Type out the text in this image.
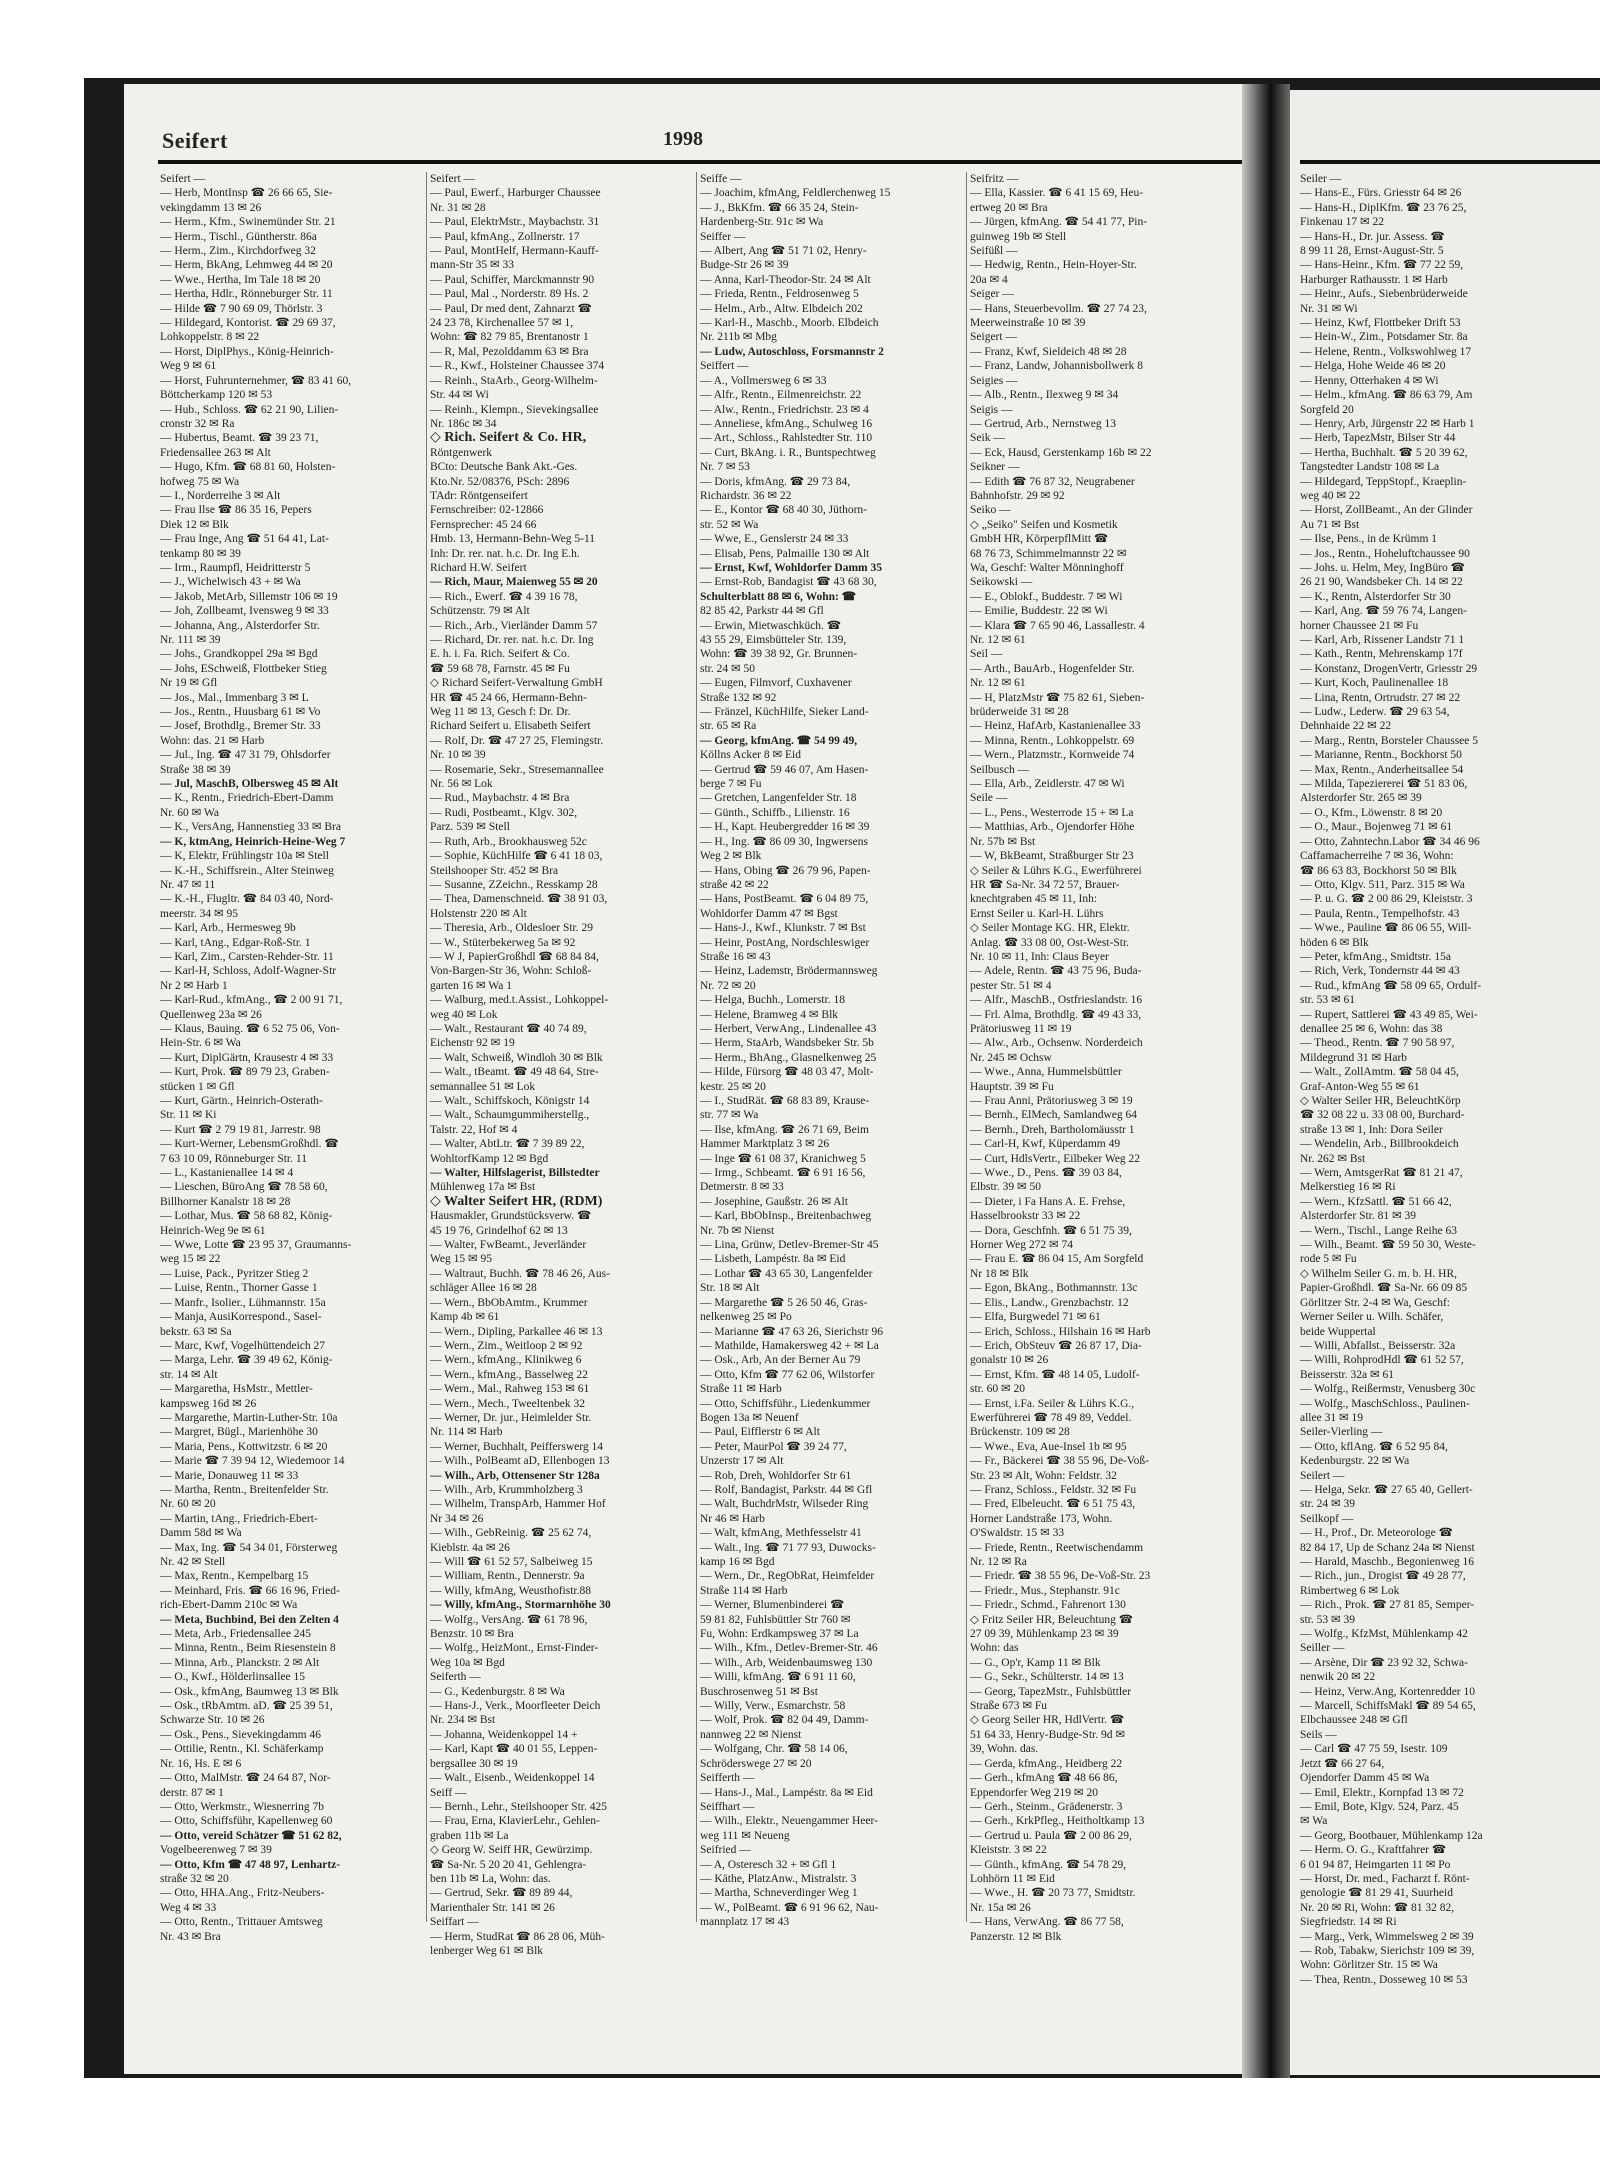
Seifert	1998
Seifert —
— Herb, MontInsp ☎ 26 66 65, Sie-
vekingdamm 13 ✉ 26
— Herm., Kfm., Swinemünder Str. 21
— Herm., Tischl., Güntherstr. 86a
— Herm., Zim., Kirchdorfweg 32
— Herm, BkAng, Lehmweg 44 ✉ 20
— Wwe., Hertha, Im Tale 18 ✉ 20
— Hertha, Hdlr., Rönneburger Str. 11
— Hilde ☎ 7 90 69 09, Thörlstr. 3
— Hildegard, Kontorist. ☎ 29 69 37,
Lohkoppelstr. 8 ✉ 22
— Horst, DiplPhys., König-Heinrich-
Weg 9 ✉ 61
— Horst, Fuhrunternehmer, ☎ 83 41 60,
Böttcherkamp 120 ✉ 53
— Hub., Schloss. ☎ 62 21 90, Lilien-
cronstr 32 ✉ Ra
— Hubertus, Beamt. ☎ 39 23 71,
Friedensallee 263 ✉ Alt
— Hugo, Kfm. ☎ 68 81 60, Holsten-
hofweg 75 ✉ Wa
— I., Norderreihe 3 ✉ Alt
— Frau Ilse ☎ 86 35 16, Pepers
Diek 12 ✉ Blk
— Frau Inge, Ang ☎ 51 64 41, Lat-
tenkamp 80 ✉ 39
— Irm., Raumpfl, Heidritterstr 5
— J., Wichelwisch 43 + ✉ Wa
— Jakob, MetArb, Sillemstr 106 ✉ 19
— Joh, Zollbeamt, Ivensweg 9 ✉ 33
— Johanna, Ang., Alsterdorfer Str.
Nr. 111 ✉ 39
— Johs., Grandkoppel 29a ✉ Bgd
— Johs, ESchweiß, Flottbeker Stieg
Nr 19 ✉ Gfl
— Jos., Mal., Immenbarg 3 ✉ L
— Jos., Rentn., Huusbarg 61 ✉ Vo
— Josef, Brothdlg., Bremer Str. 33
Wohn: das. 21 ✉ Harb
— Jul., Ing. ☎ 47 31 79, Ohlsdorfer
Straße 38 ✉ 39
— Jul, MaschB, Olbersweg 45 ✉ Alt
— K., Rentn., Friedrich-Ebert-Damm
Nr. 60 ✉ Wa
— K., VersAng, Hannenstieg 33 ✉ Bra
— K, ktmAng, Heinrich-Heine-Weg 7
— K, Elektr, Frühlingstr 10a ✉ Stell
— K.-H., Schiffsrein., Alter Steinweg
Nr. 47 ✉ 11
— K.-H., Flugltr. ☎ 84 03 40, Nord-
meerstr. 34 ✉ 95
— Karl, Arb., Hermesweg 9b
— Karl, tAng., Edgar-Roß-Str. 1
— Karl, Zim., Carsten-Rehder-Str. 11
— Karl-H, Schloss, Adolf-Wagner-Str
Nr 2 ✉ Harb 1
— Karl-Rud., kfmAng., ☎ 2 00 91 71,
Quellenweg 23a ✉ 26
— Klaus, Bauing. ☎ 6 52 75 06, Von-
Hein-Str. 6 ✉ Wa
— Kurt, DiplGärtn, Krausestr 4 ✉ 33
— Kurt, Prok. ☎ 89 79 23, Graben-
stücken 1 ✉ Gfl
— Kurt, Gärtn., Heinrich-Osterath-
Str. 11 ✉ Ki
— Kurt ☎ 2 79 19 81, Jarrestr. 98
— Kurt-Werner, LebensmGroßhdl. ☎
7 63 10 09, Rönneburger Str. 11
— L., Kastanienallee 14 ✉ 4
— Lieschen, BüroAng ☎ 78 58 60,
Billhorner Kanalstr 18 ✉ 28
— Lothar, Mus. ☎ 58 68 82, König-
Heinrich-Weg 9e ✉ 61
— Wwe, Lotte ☎ 23 95 37, Graumanns-
weg 15 ✉ 22
— Luise, Pack., Pyritzer Stieg 2
— Luise, Rentn., Thorner Gasse 1
— Manfr., Isolier., Lühmannstr. 15a
— Manja, AusiKorrespond., Sasel-
bekstr. 63 ✉ Sa
— Marc, Kwf, Vogelhüttendeich 27
— Marga, Lehr. ☎ 39 49 62, König-
str. 14 ✉ Alt
— Margaretha, HsMstr., Mettler-
kampsweg 16d ✉ 26
— Margarethe, Martin-Luther-Str. 10a
— Margret, Bügl., Marienhöhe 30
— Maria, Pens., Kottwitzstr. 6 ✉ 20
— Marie ☎ 7 39 94 12, Wiedemoor 14
— Marie, Donauweg 11 ✉ 33
— Martha, Rentn., Breitenfelder Str.
Nr. 60 ✉ 20
— Martin, tAng., Friedrich-Ebert-
Damm 58d ✉ Wa
— Max, Ing. ☎ 54 34 01, Försterweg
Nr. 42 ✉ Stell
— Max, Rentn., Kempelbarg 15
— Meinhard, Fris. ☎ 66 16 96, Fried-
rich-Ebert-Damm 210c ✉ Wa
— Meta, Buchbind, Bei den Zelten 4
— Meta, Arb., Friedensallee 245
— Minna, Rentn., Beim Riesenstein 8
— Minna, Arb., Planckstr. 2 ✉ Alt
— O., Kwf., Hölderlinsallee 15
— Osk., kfmAng, Baumweg 13 ✉ Blk
— Osk., tRbAmtm. aD. ☎ 25 39 51,
Schwarze Str. 10 ✉ 26
— Osk., Pens., Sievekingdamm 46
— Ottilie, Rentn., Kl. Schäferkamp
Nr. 16, Hs. E ✉ 6
— Otto, MalMstr. ☎ 24 64 87, Nor-
derstr. 87 ✉ 1
— Otto, Werkmstr., Wiesnerring 7b
— Otto, Schiffsführ, Kapellenweg 60
— Otto, vereid Schätzer ☎ 51 62 82,
Vogelbeerenweg 7 ✉ 39
— Otto, Kfm ☎ 47 48 97, Lenhartz-
straße 32 ✉ 20
— Otto, HHA.Ang., Fritz-Neubers-
Weg 4 ✉ 33
— Otto, Rentn., Trittauer Amtsweg
Nr. 43 ✉ Bra
Seifert —
— Paul, Ewerf., Harburger Chaussee
Nr. 31 ✉ 28
— Paul, ElektrMstr., Maybachstr. 31
— Paul, kfmAng., Zollnerstr. 17
— Paul, MontHelf, Hermann-Kauff-
mann-Str 35 ✉ 33
— Paul, Schiffer, Marckmannstr 90
— Paul, Mal ., Norderstr. 89 Hs. 2
— Paul, Dr med dent, Zahnarzt ☎
24 23 78, Kirchenallee 57 ✉ 1,
Wohn: ☎ 82 79 85, Brentanostr 1
— R, Mal, Pezolddamm 63 ✉ Bra
— R., Kwf., Holsteiner Chaussee 374
— Reinh., StaArb., Georg-Wilhelm-
Str. 44 ✉ Wi
— Reinh., Klempn., Sievekingsallee
Nr. 186c ✉ 34
◇ Rich. Seifert & Co. HR,
Röntgenwerk
BCto: Deutsche Bank Akt.-Ges.
Kto.Nr. 52/08376, PSch: 2896
TAdr: Röntgenseifert
Fernschreiber: 02-12866
Fernsprecher: 45 24 66
Hmb. 13, Hermann-Behn-Weg 5-11
Inh: Dr. rer. nat. h.c. Dr. Ing E.h.
Richard H.W. Seifert
— Rich, Maur, Maienweg 55 ✉ 20
— Rich., Ewerf. ☎ 4 39 16 78,
Schützenstr. 79 ✉ Alt
— Rich., Arb., Vierländer Damm 57
— Richard, Dr. rer. nat. h.c. Dr. Ing
E. h. i. Fa. Rich. Seifert & Co.
☎ 59 68 78, Farnstr. 45 ✉ Fu
◇ Richard Seifert-Verwaltung GmbH
HR ☎ 45 24 66, Hermann-Behn-
Weg 11 ✉ 13, Gesch f: Dr. Dr.
Richard Seifert u. Elisabeth Seifert
— Rolf, Dr. ☎ 47 27 25, Flemingstr.
Nr. 10 ✉ 39
— Rosemarie, Sekr., Stresemannallee
Nr. 56 ✉ Lok
— Rud., Maybachstr. 4 ✉ Bra
— Rudi, Postbeamt., Klgv. 302,
Parz. 539 ✉ Stell
— Ruth, Arb., Brookhausweg 52c
— Sophie, KüchHilfe ☎ 6 41 18 03,
Steilshooper Str. 452 ✉ Bra
— Susanne, ZZeichn., Resskamp 28
— Thea, Damenschneid. ☎ 38 91 03,
Holstenstr 220 ✉ Alt
— Theresia, Arb., Oldesloer Str. 29
— W., Stüterbekerweg 5a ✉ 92
— W J, PapierGroßhdl ☎ 68 84 84,
Von-Bargen-Str 36, Wohn: Schloß-
garten 16 ✉ Wa 1
— Walburg, med.t.Assist., Lohkoppel-
weg 40 ✉ Lok
— Walt., Restaurant ☎ 40 74 89,
Eichenstr 92 ✉ 19
— Walt, Schweiß, Windloh 30 ✉ Blk
— Walt., tBeamt. ☎ 49 48 64, Stre-
semannallee 51 ✉ Lok
— Walt., Schiffskoch, Königstr 14
— Walt., Schaumgummiherstellg.,
Talstr. 22, Hof ✉ 4
— Walter, AbtLtr. ☎ 7 39 89 22,
WohltorfKamp 12 ✉ Bgd
— Walter, Hilfslagerist, Billstedter
Mühlenweg 17a ✉ Bst
◇ Walter Seifert HR, (RDM)
Hausmakler, Grundstücksverw. ☎
45 19 76, Grindelhof 62 ✉ 13
— Walter, FwBeamt., Jeverländer
Weg 15 ✉ 95
— Waltraut, Buchh. ☎ 78 46 26, Aus-
schläger Allee 16 ✉ 28
— Wern., BbObAmtm., Krummer
Kamp 4b ✉ 61
— Wern., Dipling, Parkallee 46 ✉ 13
— Wern., Zim., Weitloop 2 ✉ 92
— Wern., kfmAng., Klinikweg 6
— Wern., kfmAng., Basselweg 22
— Wern., Mal., Rahweg 153 ✉ 61
— Wern., Mech., Tweeltenbek 32
— Werner, Dr. jur., Heimlelder Str.
Nr. 114 ✉ Harb
— Werner, Buchhalt, Peifferswerg 14
— Wilh., PolBeamt aD, Ellenbogen 13
— Wilh., Arb, Ottensener Str 128a
— Wilh., Arb, Krummholzberg 3
— Wilhelm, TranspArb, Hammer Hof
Nr 34 ✉ 26
— Wilh., GebReinig. ☎ 25 62 74,
Kieblstr. 4a ✉ 26
— Will ☎ 61 52 57, Salbeiweg 15
— William, Rentn., Dennerstr. 9a
— Willy, kfmAng, Weusthofistr.88
— Willy, kfmAng., Stormarnhöhe 30
— Wolfg., VersAng. ☎ 61 78 96,
Benzstr. 10 ✉ Bra
— Wolfg., HeizMont., Ernst-Finder-
Weg 10a ✉ Bgd
Seiferth —
— G., Kedenburgstr. 8 ✉ Wa
— Hans-J., Verk., Moorfleeter Deich
Nr. 234 ✉ Bst
— Johanna, Weidenkoppel 14 +
— Karl, Kapt ☎ 40 01 55, Leppen-
bergsallee 30 ✉ 19
— Walt., Eisenb., Weidenkoppel 14
Seiff —
— Bernh., Lehr., Steilshooper Str. 425
— Frau, Erna, KlavierLehr., Gehlen-
graben 11b ✉ La
◇ Georg W. Seiff HR, Gewürzimp.
☎ Sa-Nr. 5 20 20 41, Gehlengra-
ben 11b ✉ La, Wohn: das.
— Gertrud, Sekr. ☎ 89 89 44,
Marienthaler Str. 141 ✉ 26
Seiffart —
— Herm, StudRat ☎ 86 28 06, Müh-
lenberger Weg 61 ✉ Blk
Seiffe —
— Joachim, kfmAng, Feldlerchenweg 15
— J., BkKfm. ☎ 66 35 24, Stein-
Hardenberg-Str. 91c ✉ Wa
Seiffer —
— Albert, Ang ☎ 51 71 02, Henry-
Budge-Str 26 ✉ 39
— Anna, Karl-Theodor-Str. 24 ✉ Alt
— Frieda, Rentn., Feldrosenweg 5
— Helm., Arb., Altw. Elbdeich 202
— Karl-H., Maschb., Moorb. Elbdeich
Nr. 211b ✉ Mbg
— Ludw, Autoschloss, Forsmannstr 2
Seiffert —
— A., Vollmersweg 6 ✉ 33
— Alfr., Rentn., Eilmenreichstr. 22
— Alw., Rentn., Friedrichstr. 23 ✉ 4
— Anneliese, kfmAng., Schulweg 16
— Art., Schloss., Rahlstedter Str. 110
— Curt, BkAng. i. R., Buntspechtweg
Nr. 7 ✉ 53
— Doris, kfmAng. ☎ 29 73 84,
Richardstr. 36 ✉ 22
— E., Kontor ☎ 68 40 30, Jüthorn-
str. 52 ✉ Wa
— Wwe, E., Genslerstr 24 ✉ 33
— Elisab, Pens, Palmaille 130 ✉ Alt
— Ernst, Kwf, Wohldorfer Damm 35
— Ernst-Rob, Bandagist ☎ 43 68 30,
Schulterblatt 88 ✉ 6, Wohn: ☎
82 85 42, Parkstr 44 ✉ Gfl
— Erwin, Mietwaschküch. ☎
43 55 29, Eimsbütteler Str. 139,
Wohn: ☎ 39 38 92, Gr. Brunnen-
str. 24 ✉ 50
— Eugen, Filmvorf, Cuxhavener
Straße 132 ✉ 92
— Fränzel, KüchHilfe, Sieker Land-
str. 65 ✉ Ra
— Georg, kfmAng. ☎ 54 99 49,
Köllns Acker 8 ✉ Eid
— Gertrud ☎ 59 46 07, Am Hasen-
berge 7 ✉ Fu
— Gretchen, Langenfelder Str. 18
— Günth., Schiffb., Lilienstr. 16
— H., Kapt. Heubergredder 16 ✉ 39
— H., Ing. ☎ 86 09 30, Ingwersens
Weg 2 ✉ Blk
— Hans, Obing ☎ 26 79 96, Papen-
straße 42 ✉ 22
— Hans, PostBeamt. ☎ 6 04 89 75,
Wohldorfer Damm 47 ✉ Bgst
— Hans-J., Kwf., Klunkstr. 7 ✉ Bst
— Heinr, PostAng, Nordschleswiger
Straße 16 ✉ 43
— Heinz, Lademstr, Brödermannsweg
Nr. 72 ✉ 20
— Helga, Buchh., Lomerstr. 18
— Helene, Bramweg 4 ✉ Blk
— Herbert, VerwAng., Lindenallee 43
— Herm, StaArb, Wandsbeker Str. 5b
— Herm., BhAng., Glasnelkenweg 25
— Hilde, Fürsorg ☎ 48 03 47, Molt-
kestr. 25 ✉ 20
— I., StudRät. ☎ 68 83 89, Krause-
str. 77 ✉ Wa
— Ilse, kfmAng. ☎ 26 71 69, Beim
Hammer Marktplatz 3 ✉ 26
— Inge ☎ 61 08 37, Kranichweg 5
— Irmg., Schbeamt. ☎ 6 91 16 56,
Detmerstr. 8 ✉ 33
— Josephine, Gaußstr. 26 ✉ Alt
— Karl, BbObInsp., Breitenbachweg
Nr. 7b ✉ Nienst
— Lina, Grünw, Detlev-Bremer-Str 45
— Lisbeth, Lampéstr. 8a ✉ Eid
— Lothar ☎ 43 65 30, Langenfelder
Str. 18 ✉ Alt
— Margarethe ☎ 5 26 50 46, Gras-
nelkenweg 25 ✉ Po
— Marianne ☎ 47 63 26, Sierichstr 96
— Mathilde, Hamakersweg 42 + ✉ La
— Osk., Arb, An der Berner Au 79
— Otto, Kfm ☎ 77 62 06, Wilstorfer
Straße 11 ✉ Harb
— Otto, Schiffsführ., Liedenkummer
Bogen 13a ✉ Neuenf
— Paul, Eifflerstr 6 ✉ Alt
— Peter, MaurPol ☎ 39 24 77,
Unzerstr 17 ✉ Alt
— Rob, Dreh, Wohldorfer Str 61
— Rolf, Bandagist, Parkstr. 44 ✉ Gfl
— Walt, BuchdrMstr, Wilseder Ring
Nr 46 ✉ Harb
— Walt, kfmAng, Methfesselstr 41
— Walt., Ing. ☎ 71 77 93, Duwocks-
kamp 16 ✉ Bgd
— Wern., Dr., RegObRat, Heimfelder
Straße 114 ✉ Harb
— Werner, Blumenbinderei ☎
59 81 82, Fuhlsbüttler Str 760 ✉
Fu, Wohn: Erdkampsweg 37 ✉ La
— Wilh., Kfm., Detlev-Bremer-Str. 46
— Wilh., Arb, Weidenbaumsweg 130
— Willi, kfmAng. ☎ 6 91 11 60,
Buschrosenweg 51 ✉ Bst
— Willy, Verw., Esmarchstr. 58
— Wolf, Prok. ☎ 82 04 49, Damm-
nannweg 22 ✉ Nienst
— Wolfgang, Chr. ☎ 58 14 06,
Schröderswege 27 ✉ 20
Seifferth —
— Hans-J., Mal., Lampéstr. 8a ✉ Eid
Seiffhart —
— Wilh., Elektr., Neuengammer Heer-
weg 111 ✉ Neueng
Seifried —
— A, Osteresch 32 + ✉ Gfl 1
— Käthe, PlatzAnw., Mistralstr. 3
— Martha, Schneverdinger Weg 1
— W., PolBeamt. ☎ 6 91 96 62, Nau-
mannplatz 17 ✉ 43
Seifritz —
— Ella, Kassier. ☎ 6 41 15 69, Heu-
ertweg 20 ✉ Bra
— Jürgen, kfmAng. ☎ 54 41 77, Pin-
guinweg 19b ✉ Stell
Seifüßl —
— Hedwig, Rentn., Hein-Hoyer-Str.
20a ✉ 4
Seiger —
— Hans, Steuerbevollm. ☎ 27 74 23,
Meerweinstraße 10 ✉ 39
Seigert —
— Franz, Kwf, Sieldeich 48 ✉ 28
— Franz, Landw, Johannisbollwerk 8
Seigies —
— Alb., Rentn., Ilexweg 9 ✉ 34
Seigis —
— Gertrud, Arb., Nernstweg 13
Seik —
— Eck, Hausd, Gerstenkamp 16b ✉ 22
Seikner —
— Edith ☎ 76 87 32, Neugrabener
Bahnhofstr. 29 ✉ 92
Seiko —
◇ „Seiko" Seifen und Kosmetik
GmbH HR, KörperpflMitt ☎
68 76 73, Schimmelmannstr 22 ✉
Wa, Geschf: Walter Mönninghoff
Seikowski —
— E., Oblokf., Buddestr. 7 ✉ Wi
— Emilie, Buddestr. 22 ✉ Wi
— Klara ☎ 7 65 90 46, Lassallestr. 4
Nr. 12 ✉ 61
Seil —
— Arth., BauArb., Hogenfelder Str.
Nr. 12 ✉ 61
— H, PlatzMstr ☎ 75 82 61, Sieben-
brüderweide 31 ✉ 28
— Heinz, HafArb, Kastanienallee 33
— Minna, Rentn., Lohkoppelstr. 69
— Wern., Platzmstr., Kornweide 74
Seilbusch —
— Ella, Arb., Zeidlerstr. 47 ✉ Wi
Seile —
— L., Pens., Westerrode 15 + ✉ La
— Matthias, Arb., Ojendorfer Höhe
Nr. 57b ✉ Bst
— W, BkBeamt, Straßburger Str 23
◇ Seiler & Lührs K.G., Ewerführerei
HR ☎ Sa-Nr. 34 72 57, Brauer-
knechtgraben 45 ✉ 11, Inh:
Ernst Seiler u. Karl-H. Lührs
◇ Seiler Montage KG. HR, Elektr.
Anlag. ☎ 33 08 00, Ost-West-Str.
Nr. 10 ✉ 11, Inh: Claus Beyer
— Adele, Rentn. ☎ 43 75 96, Buda-
pester Str. 51 ✉ 4
— Alfr., MaschB., Ostfrieslandstr. 16
— Frl. Alma, Brothdlg. ☎ 49 43 33,
Prätoriusweg 11 ✉ 19
— Alw., Arb., Ochsenw. Norderdeich
Nr. 245 ✉ Ochsw
— Wwe., Anna, Hummelsbüttler
Hauptstr. 39 ✉ Fu
— Frau Anni, Prätoriusweg 3 ✉ 19
— Bernh., ElMech, Samlandweg 64
— Bernh., Dreh, Bartholomäusstr 1
— Carl-H, Kwf, Küperdamm 49
— Curt, HdlsVertr., Eilbeker Weg 22
— Wwe., D., Pens. ☎ 39 03 84,
Elbstr. 39 ✉ 50
— Dieter, i Fa Hans A. E. Frehse,
Hasselbrookstr 33 ✉ 22
— Dora, Geschfnh. ☎ 6 51 75 39,
Horner Weg 272 ✉ 74
— Frau E. ☎ 86 04 15, Am Sorgfeld
Nr 18 ✉ Blk
— Egon, BkAng., Bothmannstr. 13c
— Elis., Landw., Grenzbachstr. 12
— Elfa, Burgwedel 71 ✉ 61
— Erich, Schloss., Hilshain 16 ✉ Harb
— Erich, ObSteuv ☎ 26 87 17, Dia-
gonalstr 10 ✉ 26
— Ernst, Kfm. ☎ 48 14 05, Ludolf-
str. 60 ✉ 20
— Ernst, i.Fa. Seiler & Lührs K.G.,
Ewerführerei ☎ 78 49 89, Veddel.
Brückenstr. 109 ✉ 28
— Wwe., Eva, Aue-Insel 1b ✉ 95
— Fr., Bäckerei ☎ 38 55 96, De-Voß-
Str. 23 ✉ Alt, Wohn: Feldstr. 32
— Franz, Schloss., Feldstr. 32 ✉ Fu
— Fred, Elbeleucht. ☎ 6 51 75 43,
Horner Landstraße 173, Wohn.
O'Swaldstr. 15 ✉ 33
— Friede, Rentn., Reetwischendamm
Nr. 12 ✉ Ra
— Friedr. ☎ 38 55 96, De-Voß-Str. 23
— Friedr., Mus., Stephanstr. 91c
— Friedr., Schmd., Fahrenort 130
◇ Fritz Seiler HR, Beleuchtung ☎
27 09 39, Mühlenkamp 23 ✉ 39
Wohn: das
— G., Op'r, Kamp 11 ✉ Blk
— G., Sekr., Schülterstr. 14 ✉ 13
— Georg, TapezMstr., Fuhlsbüttler
Straße 673 ✉ Fu
◇ Georg Seiler HR, HdlVertr. ☎
51 64 33, Henry-Budge-Str. 9d ✉
39, Wohn. das.
— Gerda, kfmAng., Heidberg 22
— Gerh., kfmAng ☎ 48 66 86,
Eppendorfer Weg 219 ✉ 20
— Gerh., Steinm., Grädenerstr. 3
— Gerh., KrkPfleg., Heitholtkamp 13
— Gertrud u. Paula ☎ 2 00 86 29,
Kleiststr. 3 ✉ 22
— Günth., kfmAng. ☎ 54 78 29,
Lohhörn 11 ✉ Eid
— Wwe., H. ☎ 20 73 77, Smidtstr.
Nr. 15a ✉ 26
— Hans, VerwAng. ☎ 86 77 58,
Panzerstr. 12 ✉ Blk
Seiler —
— Hans-E., Fürs. Griesstr 64 ✉ 26
— Hans-H., DiplKfm. ☎ 23 76 25,
Finkenau 17 ✉ 22
— Hans-H., Dr. jur. Assess. ☎
8 99 11 28, Ernst-August-Str. 5
— Hans-Heinr., Kfm. ☎ 77 22 59,
Harburger Rathausstr. 1 ✉ Harb
— Heinr., Aufs., Siebenbrüderweide
Nr. 31 ✉ Wi
— Heinz, Kwf, Flottbeker Drift 53
— Hein-W., Zim., Potsdamer Str. 8a
— Helene, Rentn., Volkswohlweg 17
— Helga, Hohe Weide 46 ✉ 20
— Henny, Otterhaken 4 ✉ Wi
— Helm., kfmAng. ☎ 86 63 79, Am
Sorgfeld 20
— Henry, Arb, Jürgenstr 22 ✉ Harb 1
— Herb, TapezMstr, Bilser Str 44
— Hertha, Buchhalt. ☎ 5 20 39 62,
Tangstedter Landstr 108 ✉ La
— Hildegard, TeppStopf., Kraeplin-
weg 40 ✉ 22
— Horst, ZollBeamt., An der Glinder
Au 71 ✉ Bst
— Ilse, Pens., in de Krümm 1
— Jos., Rentn., Hoheluftchaussee 90
— Johs. u. Helm, Mey, IngBüro ☎
26 21 90, Wandsbeker Ch. 14 ✉ 22
— K., Rentn, Alsterdorfer Str 30
— Karl, Ang. ☎ 59 76 74, Langen-
horner Chaussee 21 ✉ Fu
— Karl, Arb, Rissener Landstr 71 1
— Kath., Rentn, Mehrenskamp 17f
— Konstanz, DrogenVertr, Griesstr 29
— Kurt, Koch, Paulinenallee 18
— Lina, Rentn, Ortrudstr. 27 ✉ 22
— Ludw., Lederw. ☎ 29 63 54,
Dehnhaide 22 ✉ 22
— Marg., Rentn, Borsteler Chaussee 5
— Marianne, Rentn., Bockhorst 50
— Max, Rentn., Anderheitsallee 54
— Milda, Tapeziererei ☎ 51 83 06,
Alsterdorfer Str. 265 ✉ 39
— O., Kfm., Löwenstr. 8 ✉ 20
— O., Maur., Bojenweg 71 ✉ 61
— Otto, Zahntechn.Labor ☎ 34 46 96
Caffamacherreihe 7 ✉ 36, Wohn:
☎ 86 63 83, Bockhorst 50 ✉ Blk
— Otto, Klgv. 511, Parz. 315 ✉ Wa
— P. u. G. ☎ 2 00 86 29, Kleiststr. 3
— Paula, Rentn., Tempelhofstr. 43
— Wwe., Pauline ☎ 86 06 55, Will-
höden 6 ✉ Blk
— Peter, kfmAng., Smidtstr. 15a
— Rich, Verk, Tondernstr 44 ✉ 43
— Rud., kfmAng ☎ 58 09 65, Ordulf-
str. 53 ✉ 61
— Rupert, Sattlerei ☎ 43 49 85, Wei-
denallee 25 ✉ 6, Wohn: das 38
— Theod., Rentn. ☎ 7 90 58 97,
Mildegrund 31 ✉ Harb
— Walt., ZollAmtm. ☎ 58 04 45,
Graf-Anton-Weg 55 ✉ 61
◇ Walter Seiler HR, BeleuchtKörp
☎ 32 08 22 u. 33 08 00, Burchard-
straße 13 ✉ 1, Inh: Dora Seiler
— Wendelin, Arb., Billbrookdeich
Nr. 262 ✉ Bst
— Wern, AmtsgerRat ☎ 81 21 47,
Melkerstieg 16 ✉ Ri
— Wern., KfzSattl. ☎ 51 66 42,
Alsterdorfer Str. 81 ✉ 39
— Wern., Tischl., Lange Reihe 63
— Wilh., Beamt. ☎ 59 50 30, Weste-
rode 5 ✉ Fu
◇ Wilhelm Seiler G. m. b. H. HR,
Papier-Großhdl. ☎ Sa-Nr. 66 09 85
Görlitzer Str. 2-4 ✉ Wa, Geschf:
Werner Seiler u. Wilh. Schäfer,
beide Wuppertal
— Willi, Abfallst., Beisserstr. 32a
— Willi, RohprodHdl ☎ 61 52 57,
Beisserstr. 32a ✉ 61
— Wolfg., Reißermstr, Venusberg 30c
— Wolfg., MaschSchloss., Paulinen-
allee 31 ✉ 19
Seiler-Vierling —
— Otto, kflAng. ☎ 6 52 95 84,
Kedenburgstr. 22 ✉ Wa
Seilert —
— Helga, Sekr. ☎ 27 65 40, Gellert-
str. 24 ✉ 39
Seilkopf —
— H., Prof., Dr. Meteorologe ☎
82 84 17, Up de Schanz 24a ✉ Nienst
— Harald, Maschb., Begonienweg 16
— Rich., jun., Drogist ☎ 49 28 77,
Rimbertweg 6 ✉ Lok
— Rich., Prok. ☎ 27 81 85, Semper-
str. 53 ✉ 39
— Wolfg., KfzMst, Mühlenkamp 42
Seiller —
— Arsène, Dir ☎ 23 92 32, Schwa-
nenwik 20 ✉ 22
— Heinz, Verw.Ang, Kortenredder 10
— Marcell, SchiffsMakl ☎ 89 54 65,
Elbchaussee 248 ✉ Gfl
Seils —
— Carl ☎ 47 75 59, Isestr. 109
Jetzt ☎ 66 27 64,
Ojendorfer Damm 45 ✉ Wa
— Emil, Elektr., Kornpfad 13 ✉ 72
— Emil, Bote, Klgv. 524, Parz. 45
✉ Wa
— Georg, Bootbauer, Mühlenkamp 12a
— Herm. O. G., Kraftfahrer ☎
6 01 94 87, Heimgarten 11 ✉ Po
— Horst, Dr. med., Facharzt f. Rönt-
genologie ☎ 81 29 41, Suurheid
Nr. 20 ✉ Ri, Wohn: ☎ 81 32 82,
Siegfriedstr. 14 ✉ Ri
— Marg., Verk, Wimmelsweg 2 ✉ 39
— Rob, Tabakw, Sierichstr 109 ✉ 39,
Wohn: Görlitzer Str. 15 ✉ Wa
— Thea, Rentn., Dosseweg 10 ✉ 53
